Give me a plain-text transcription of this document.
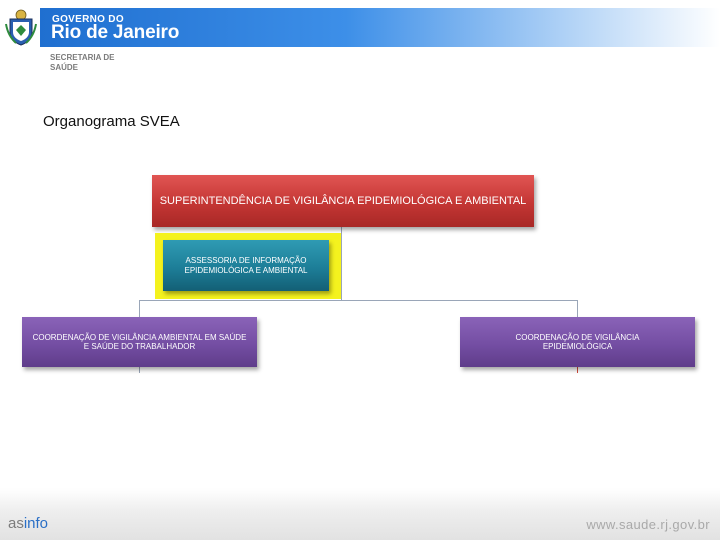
GOVERNO DO
Rio de Janeiro
SECRETARIA DE
SAÚDE
Organograma SVEA
SUPERINTENDÊNCIA DE VIGILÂNCIA EPIDEMIOLÓGICA E AMBIENTAL
ASSESSORIA DE INFORMAÇÃO EPIDEMIOLÓGICA E AMBIENTAL
COORDENAÇÃO DE VIGILÂNCIA AMBIENTAL EM SAÚDE E SAÚDE DO TRABALHADOR
COORDENAÇÃO DE VIGILÂNCIA EPIDEMIOLÓGICA
asinfo	www.saude.rj.gov.br
